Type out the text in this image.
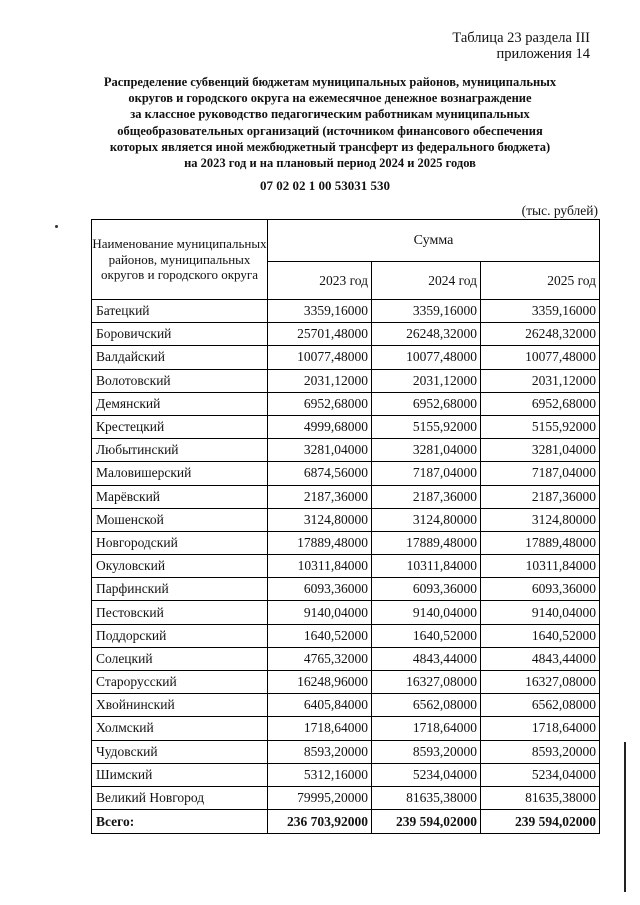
Таблица 23 раздела III
приложения 14
Распределение субвенций бюджетам муниципальных районов, муниципальных
округов и городского округа на ежемесячное денежное вознаграждение
за классное руководство педагогическим работникам муниципальных
общеобразовательных организаций (источником финансового обеспечения
которых является иной межбюджетный трансферт из федерального бюджета)
на 2023 год и на плановый период 2024 и 2025 годов
07 02 02 1 00 53031 530
(тыс. рублей)
Наименование муниципальных районов, муниципальных округов и городского округа	Сумма		
	2023 год	2024 год	2025 год
Батецкий	3359,16000	3359,16000	3359,16000
Боровичский	25701,48000	26248,32000	26248,32000
Валдайский	10077,48000	10077,48000	10077,48000
Волотовский	2031,12000	2031,12000	2031,12000
Демянский	6952,68000	6952,68000	6952,68000
Крестецкий	4999,68000	5155,92000	5155,92000
Любытинский	3281,04000	3281,04000	3281,04000
Маловишерский	6874,56000	7187,04000	7187,04000
Марёвский	2187,36000	2187,36000	2187,36000
Мошенской	3124,80000	3124,80000	3124,80000
Новгородский	17889,48000	17889,48000	17889,48000
Окуловский	10311,84000	10311,84000	10311,84000
Парфинский	6093,36000	6093,36000	6093,36000
Пестовский	9140,04000	9140,04000	9140,04000
Поддорский	1640,52000	1640,52000	1640,52000
Солецкий	4765,32000	4843,44000	4843,44000
Старорусский	16248,96000	16327,08000	16327,08000
Хвойнинский	6405,84000	6562,08000	6562,08000
Холмский	1718,64000	1718,64000	1718,64000
Чудовский	8593,20000	8593,20000	8593,20000
Шимский	5312,16000	5234,04000	5234,04000
Великий Новгород	79995,20000	81635,38000	81635,38000
Всего:	236 703,92000	239 594,02000	239 594,02000
